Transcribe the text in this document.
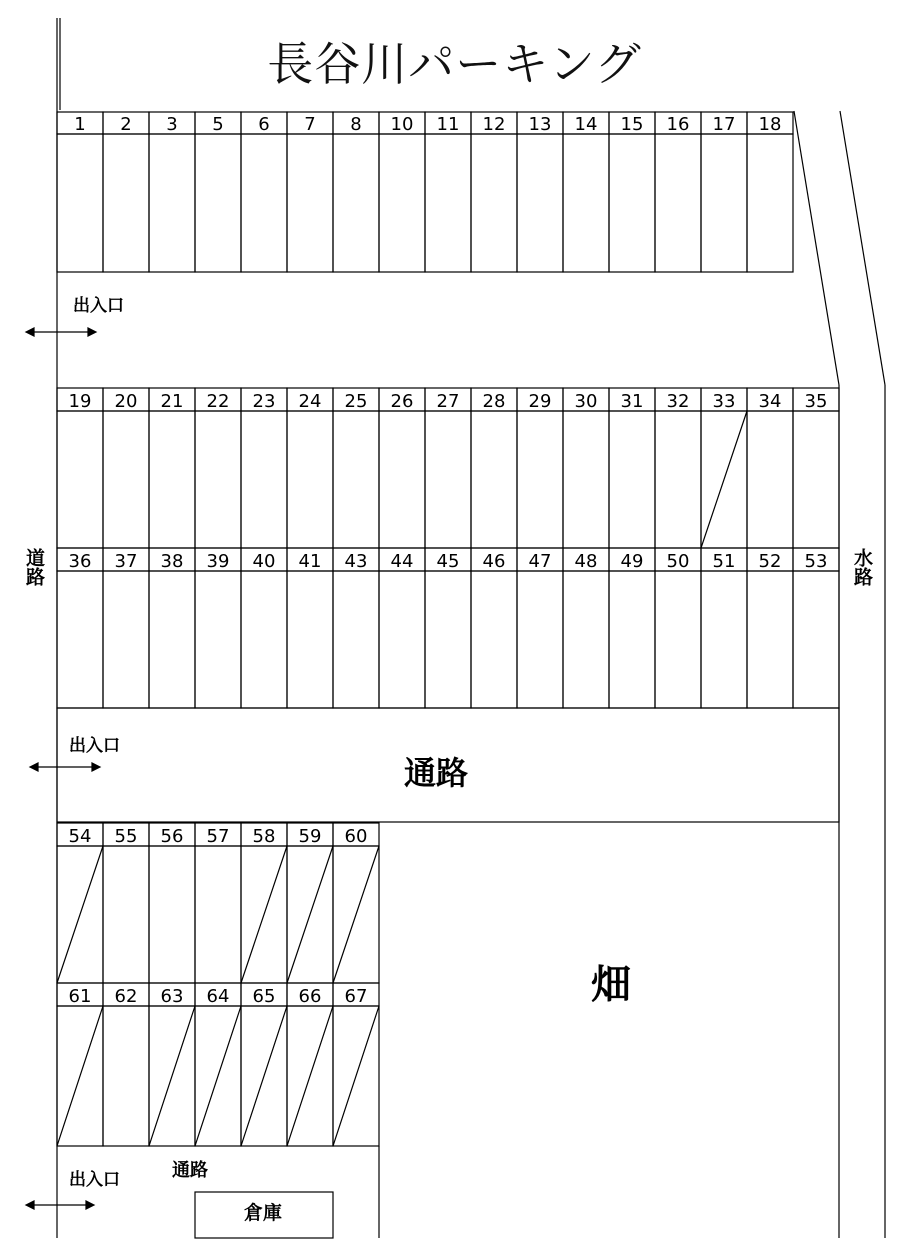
長谷川パーキング
1 2 3 5 6 7 8 10 11 12 13 14 15 16 17 18
19 20 21 22 23 24 25 26 27 28 29 30 31 32 33 34 35
36 37 38 39 40 41 43 44 45 46 47 48 49 50 51 52 53
54 55 56 57 58 59 60
61 62 63 64 65 66 67
出入口
出入口
出入口
道路	水路
通路
通路
畑
倉庫
